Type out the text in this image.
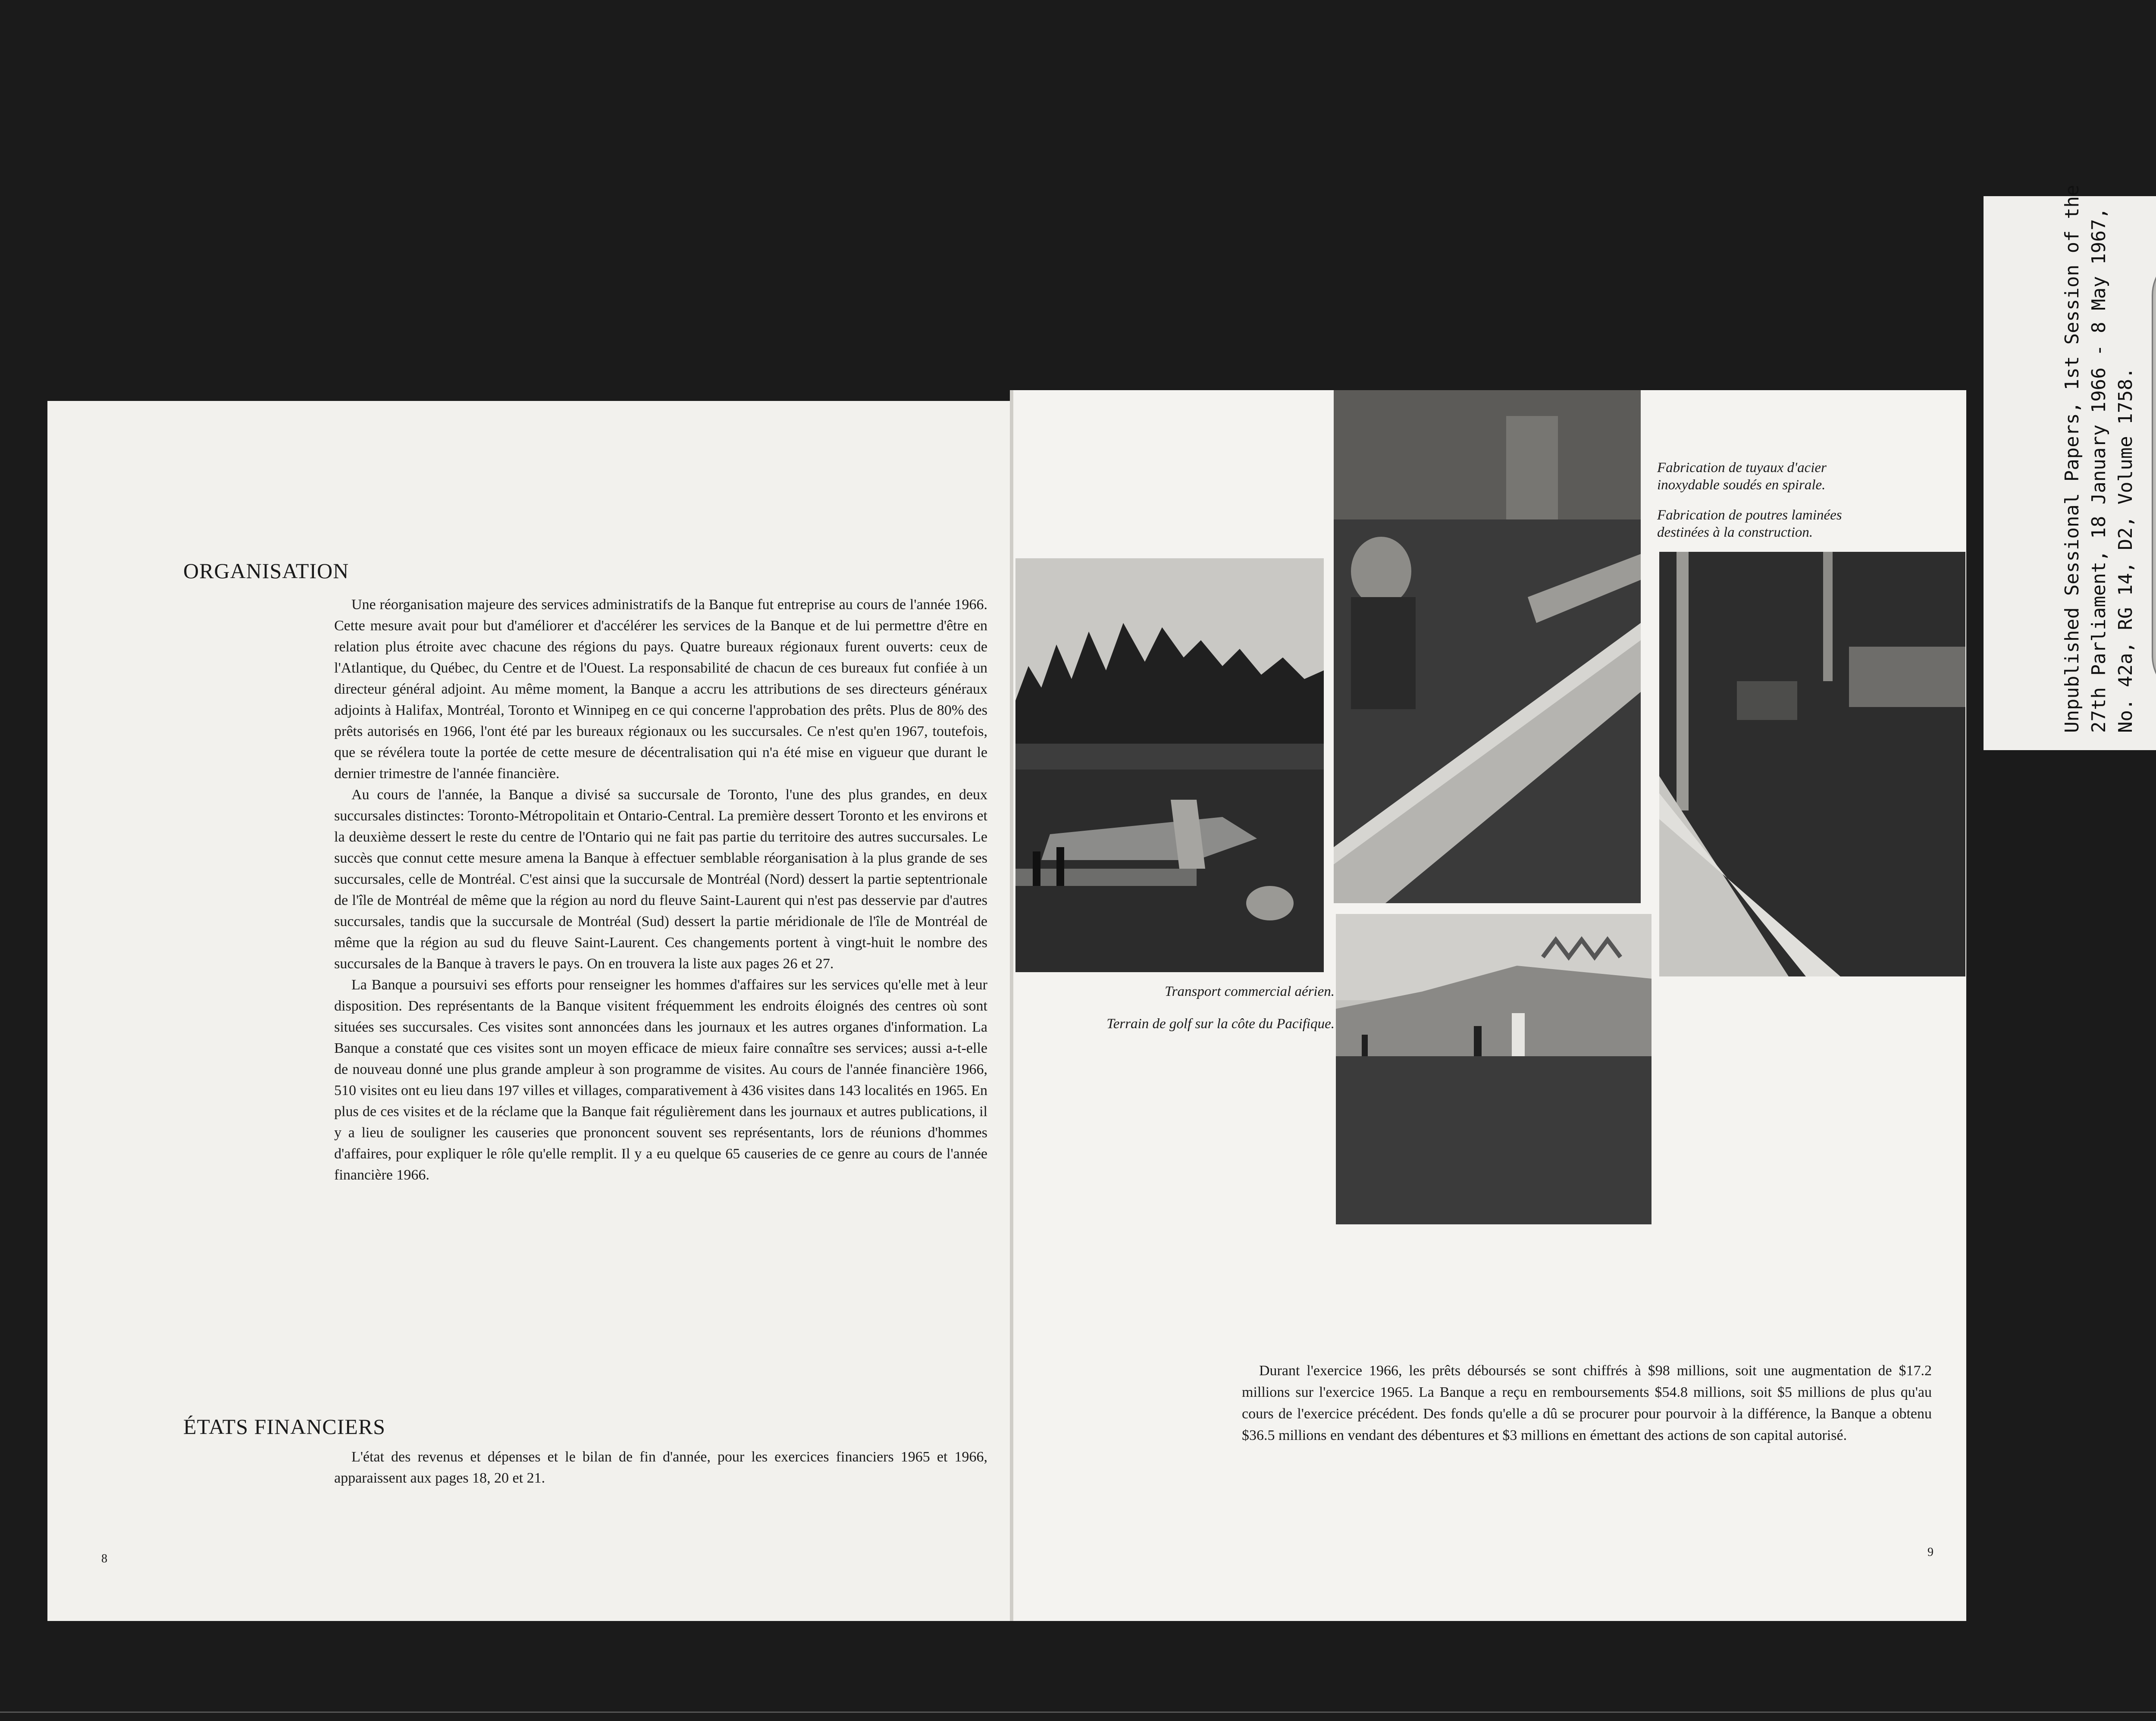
ORGANISATION

Une réorganisation majeure des services administratifs de la Banque fut entreprise au cours de l'année 1966. Cette mesure avait pour but d'améliorer et d'accélérer les services de la Banque et de lui permettre d'être en relation plus étroite avec chacune des régions du pays. Quatre bureaux régionaux furent ouverts: ceux de l'Atlantique, du Québec, du Centre et de l'Ouest. La responsabilité de chacun de ces bureaux fut confiée à un directeur général adjoint. Au même moment, la Banque a accru les attributions de ses directeurs généraux adjoints à Halifax, Montréal, Toronto et Winnipeg en ce qui concerne l'approbation des prêts. Plus de 80% des prêts autorisés en 1966, l'ont été par les bureaux régionaux ou les succursales. Ce n'est qu'en 1967, toutefois, que se révélera toute la portée de cette mesure de décentralisation qui n'a été mise en vigueur que durant le dernier trimestre de l'année financière.

Au cours de l'année, la Banque a divisé sa succursale de Toronto, l'une des plus grandes, en deux succursales distinctes: Toronto-Métropolitain et Ontario-Central. La première dessert Toronto et les environs et la deuxième dessert le reste du centre de l'Ontario qui ne fait pas partie du territoire des autres succursales. Le succès que connut cette mesure amena la Banque à effectuer semblable réorganisation à la plus grande de ses succursales, celle de Montréal. C'est ainsi que la succursale de Montréal (Nord) dessert la partie septentrionale de l'île de Montréal de même que la région au nord du fleuve Saint-Laurent qui n'est pas desservie par d'autres succursales, tandis que la succursale de Montréal (Sud) dessert la partie méridionale de l'île de Montréal de même que la région au sud du fleuve Saint-Laurent. Ces changements portent à vingt-huit le nombre des succursales de la Banque à travers le pays. On en trouvera la liste aux pages 26 et 27.

La Banque a poursuivi ses efforts pour renseigner les hommes d'affaires sur les services qu'elle met à leur disposition. Des représentants de la Banque visitent fréquemment les endroits éloignés des centres où sont situées ses succursales. Ces visites sont annoncées dans les journaux et les autres organes d'information. La Banque a constaté que ces visites sont un moyen efficace de mieux faire connaître ses services; aussi a-t-elle de nouveau donné une plus grande ampleur à son programme de visites. Au cours de l'année financière 1966, 510 visites ont eu lieu dans 197 villes et villages, comparativement à 436 visites dans 143 localités en 1965. En plus de ces visites et de la réclame que la Banque fait régulièrement dans les journaux et autres publications, il y a lieu de souligner les causeries que prononcent souvent ses représentants, lors de réunions d'hommes d'affaires, pour expliquer le rôle qu'elle remplit. Il y a eu quelque 65 causeries de ce genre au cours de l'année financière 1966.

ÉTATS FINANCIERS

L'état des revenus et dépenses et le bilan de fin d'année, pour les exercices financiers 1965 et 1966, apparaissent aux pages 18, 20 et 21.

8
Fabrication de tuyaux d'acier inoxydable soudés en spirale.
Fabrication de poutres laminées destinées à la construction.
Transport commercial aérien.
Terrain de golf sur la côte du Pacifique.

Durant l'exercice 1966, les prêts déboursés se sont chiffrés à $98 millions, soit une augmentation de $17.2 millions sur l'exercice 1965. La Banque a reçu en remboursements $54.8 millions, soit $5 millions de plus qu'au cours de l'exercice précédent. Des fonds qu'elle a dû se procurer pour pourvoir à la différence, la Banque a obtenu $36.5 millions en vendant des débentures et $3 millions en émettant des actions de son capital autorisé.

9
Unpublished Sessional Papers, 1st Session of the 27th Parliament, 18 January 1966 - 8 May 1967, No. 42a, RG 14, D2, Volume 1758.
